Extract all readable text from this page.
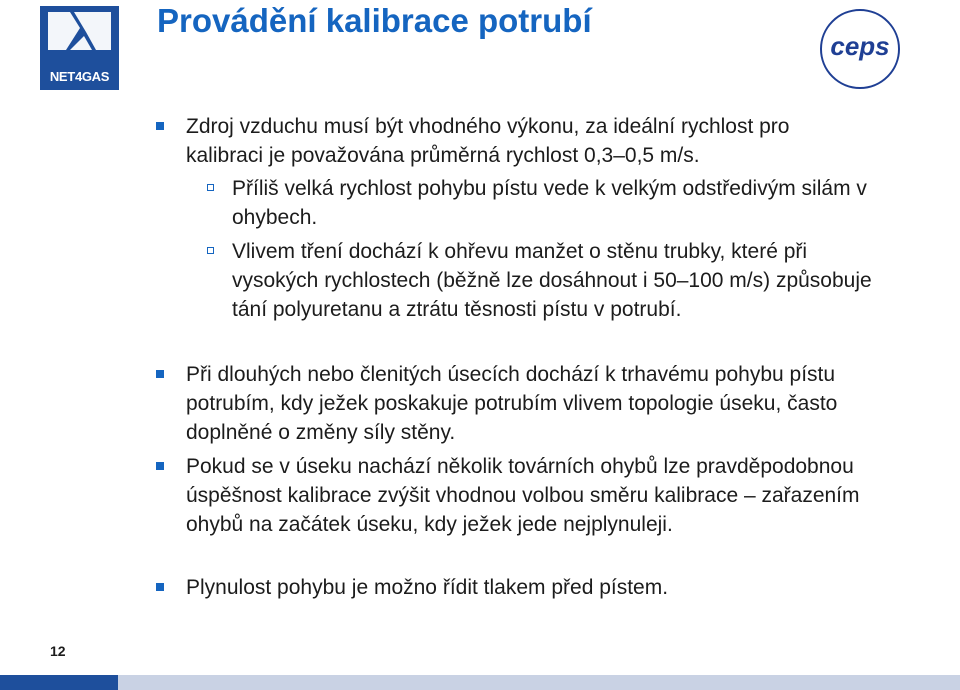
NET4GAS
Provádění kalibrace potrubí
ceps
Zdroj vzduchu musí být vhodného výkonu, za ideální rychlost pro kalibraci je považována průměrná rychlost 0,3–0,5 m/s.
Příliš velká rychlost pohybu pístu vede k velkým odstředivým silám v ohybech.
Vlivem tření dochází k ohřevu manžet o stěnu trubky, které při vysokých rychlostech (běžně lze dosáhnout i 50–100 m/s) způsobuje tání polyuretanu a ztrátu těsnosti pístu v potrubí.
Při dlouhých nebo členitých úsecích dochází k trhavému pohybu pístu potrubím, kdy ježek poskakuje potrubím vlivem topologie úseku, často doplněné o změny síly stěny.
Pokud se v úseku nachází několik továrních ohybů lze pravděpodobnou úspěšnost kalibrace zvýšit vhodnou volbou směru kalibrace – zařazením ohybů na začátek úseku, kdy ježek jede nejplynuleji.
Plynulost pohybu je možno řídit tlakem před pístem.
12
